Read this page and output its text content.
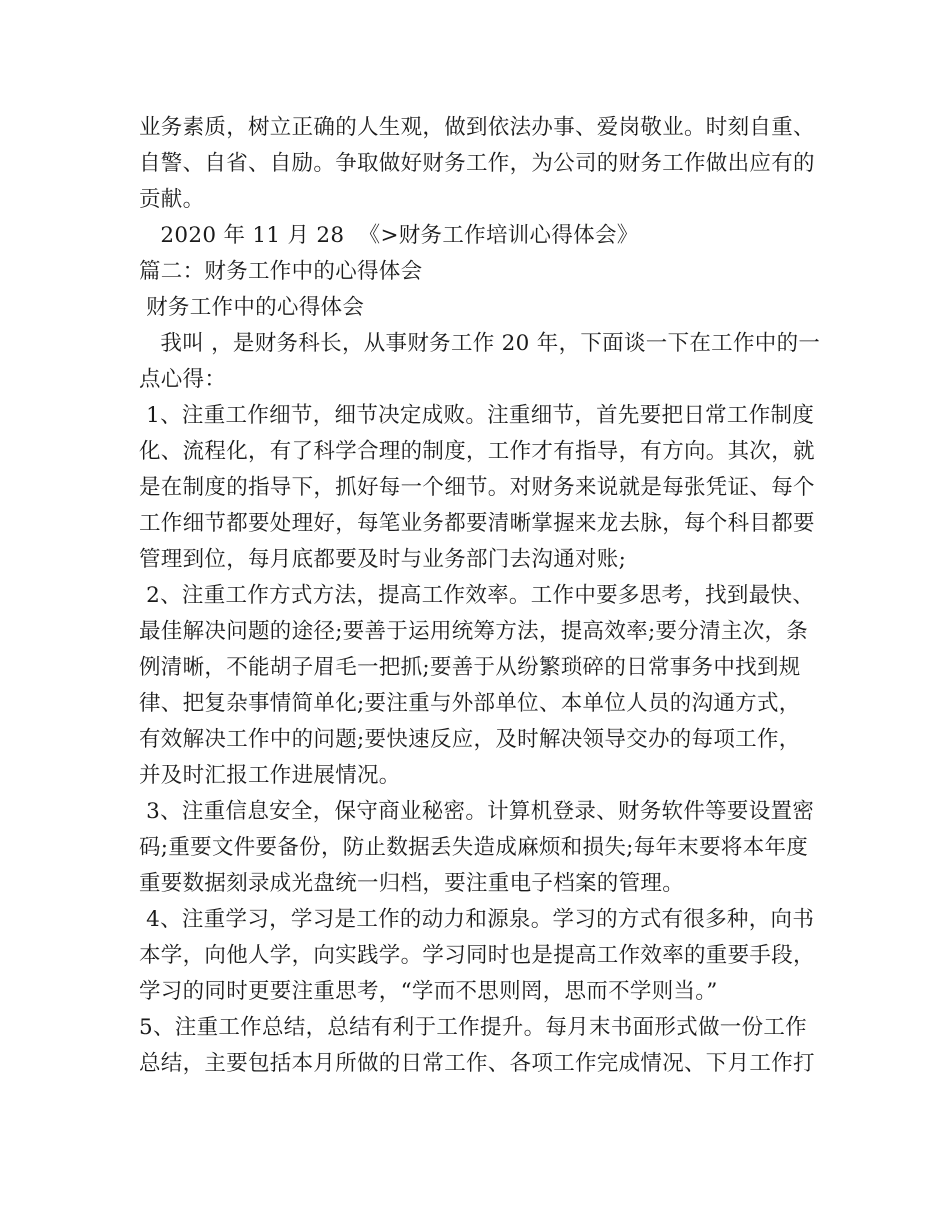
业务素质，树立正确的人生观，做到依法办事、爱岗敬业。时刻自重、
自警、自省、自励。争取做好财务工作，为公司的财务工作做出应有的
贡献。
2020 年 11 月 28  《>财务工作培训心得体会》
篇二：财务工作中的心得体会
财务工作中的心得体会
我叫 ，是财务科长，从事财务工作 20 年，下面谈一下在工作中的一
点心得：
1、注重工作细节，细节决定成败。注重细节，首先要把日常工作制度
化、流程化，有了科学合理的制度，工作才有指导，有方向。其次，就
是在制度的指导下，抓好每一个细节。对财务来说就是每张凭证、每个
工作细节都要处理好，每笔业务都要清晰掌握来龙去脉，每个科目都要
管理到位，每月底都要及时与业务部门去沟通对账;
2、注重工作方式方法，提高工作效率。工作中要多思考，找到最快、
最佳解决问题的途径;要善于运用统筹方法，提高效率;要分清主次，条
例清晰，不能胡子眉毛一把抓;要善于从纷繁琐碎的日常事务中找到规
律、把复杂事情简单化;要注重与外部单位、本单位人员的沟通方式，
有效解决工作中的问题;要快速反应，及时解决领导交办的每项工作，
并及时汇报工作进展情况。
3、注重信息安全，保守商业秘密。计算机登录、财务软件等要设置密
码;重要文件要备份，防止数据丢失造成麻烦和损失;每年末要将本年度
重要数据刻录成光盘统一归档，要注重电子档案的管理。
4、注重学习，学习是工作的动力和源泉。学习的方式有很多种，向书
本学，向他人学，向实践学。学习同时也是提高工作效率的重要手段，
学习的同时更要注重思考，“学而不思则罔，思而不学则当。”
5、注重工作总结，总结有利于工作提升。每月末书面形式做一份工作
总结，主要包括本月所做的日常工作、各项工作完成情况、下月工作打
